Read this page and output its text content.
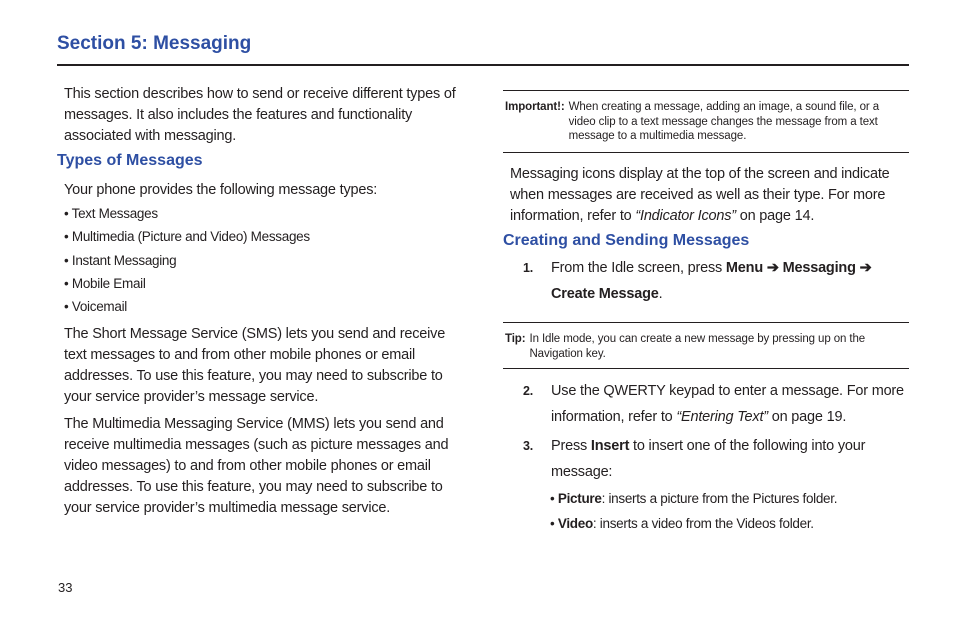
Section 5: Messaging
This section describes how to send or receive different types of messages. It also includes the features and functionality associated with messaging.
Types of Messages
Your phone provides the following message types:
• Text Messages
• Multimedia (Picture and Video) Messages
• Instant Messaging
• Mobile Email
• Voicemail
The Short Message Service (SMS) lets you send and receive text messages to and from other mobile phones or email addresses. To use this feature, you may need to subscribe to your service provider’s message service.
The Multimedia Messaging Service (MMS) lets you send and receive multimedia messages (such as picture messages and video messages) to and from other mobile phones or email addresses. To use this feature, you may need to subscribe to your service provider’s multimedia message service.
Important!: When creating a message, adding an image, a sound file, or a video clip to a text message changes the message from a text message to a multimedia message.
Messaging icons display at the top of the screen and indicate when messages are received as well as their type. For more information, refer to “Indicator Icons” on page 14.
Creating and Sending Messages
1.	From the Idle screen, press Menu ➔ Messaging ➔ Create Message.
Tip: In Idle mode, you can create a new message by pressing up on the Navigation key.
2.	Use the QWERTY keypad to enter a message. For more information, refer to “Entering Text” on page 19.
3.	Press Insert to insert one of the following into your message:
• Picture: inserts a picture from the Pictures folder.
• Video: inserts a video from the Videos folder.
33
